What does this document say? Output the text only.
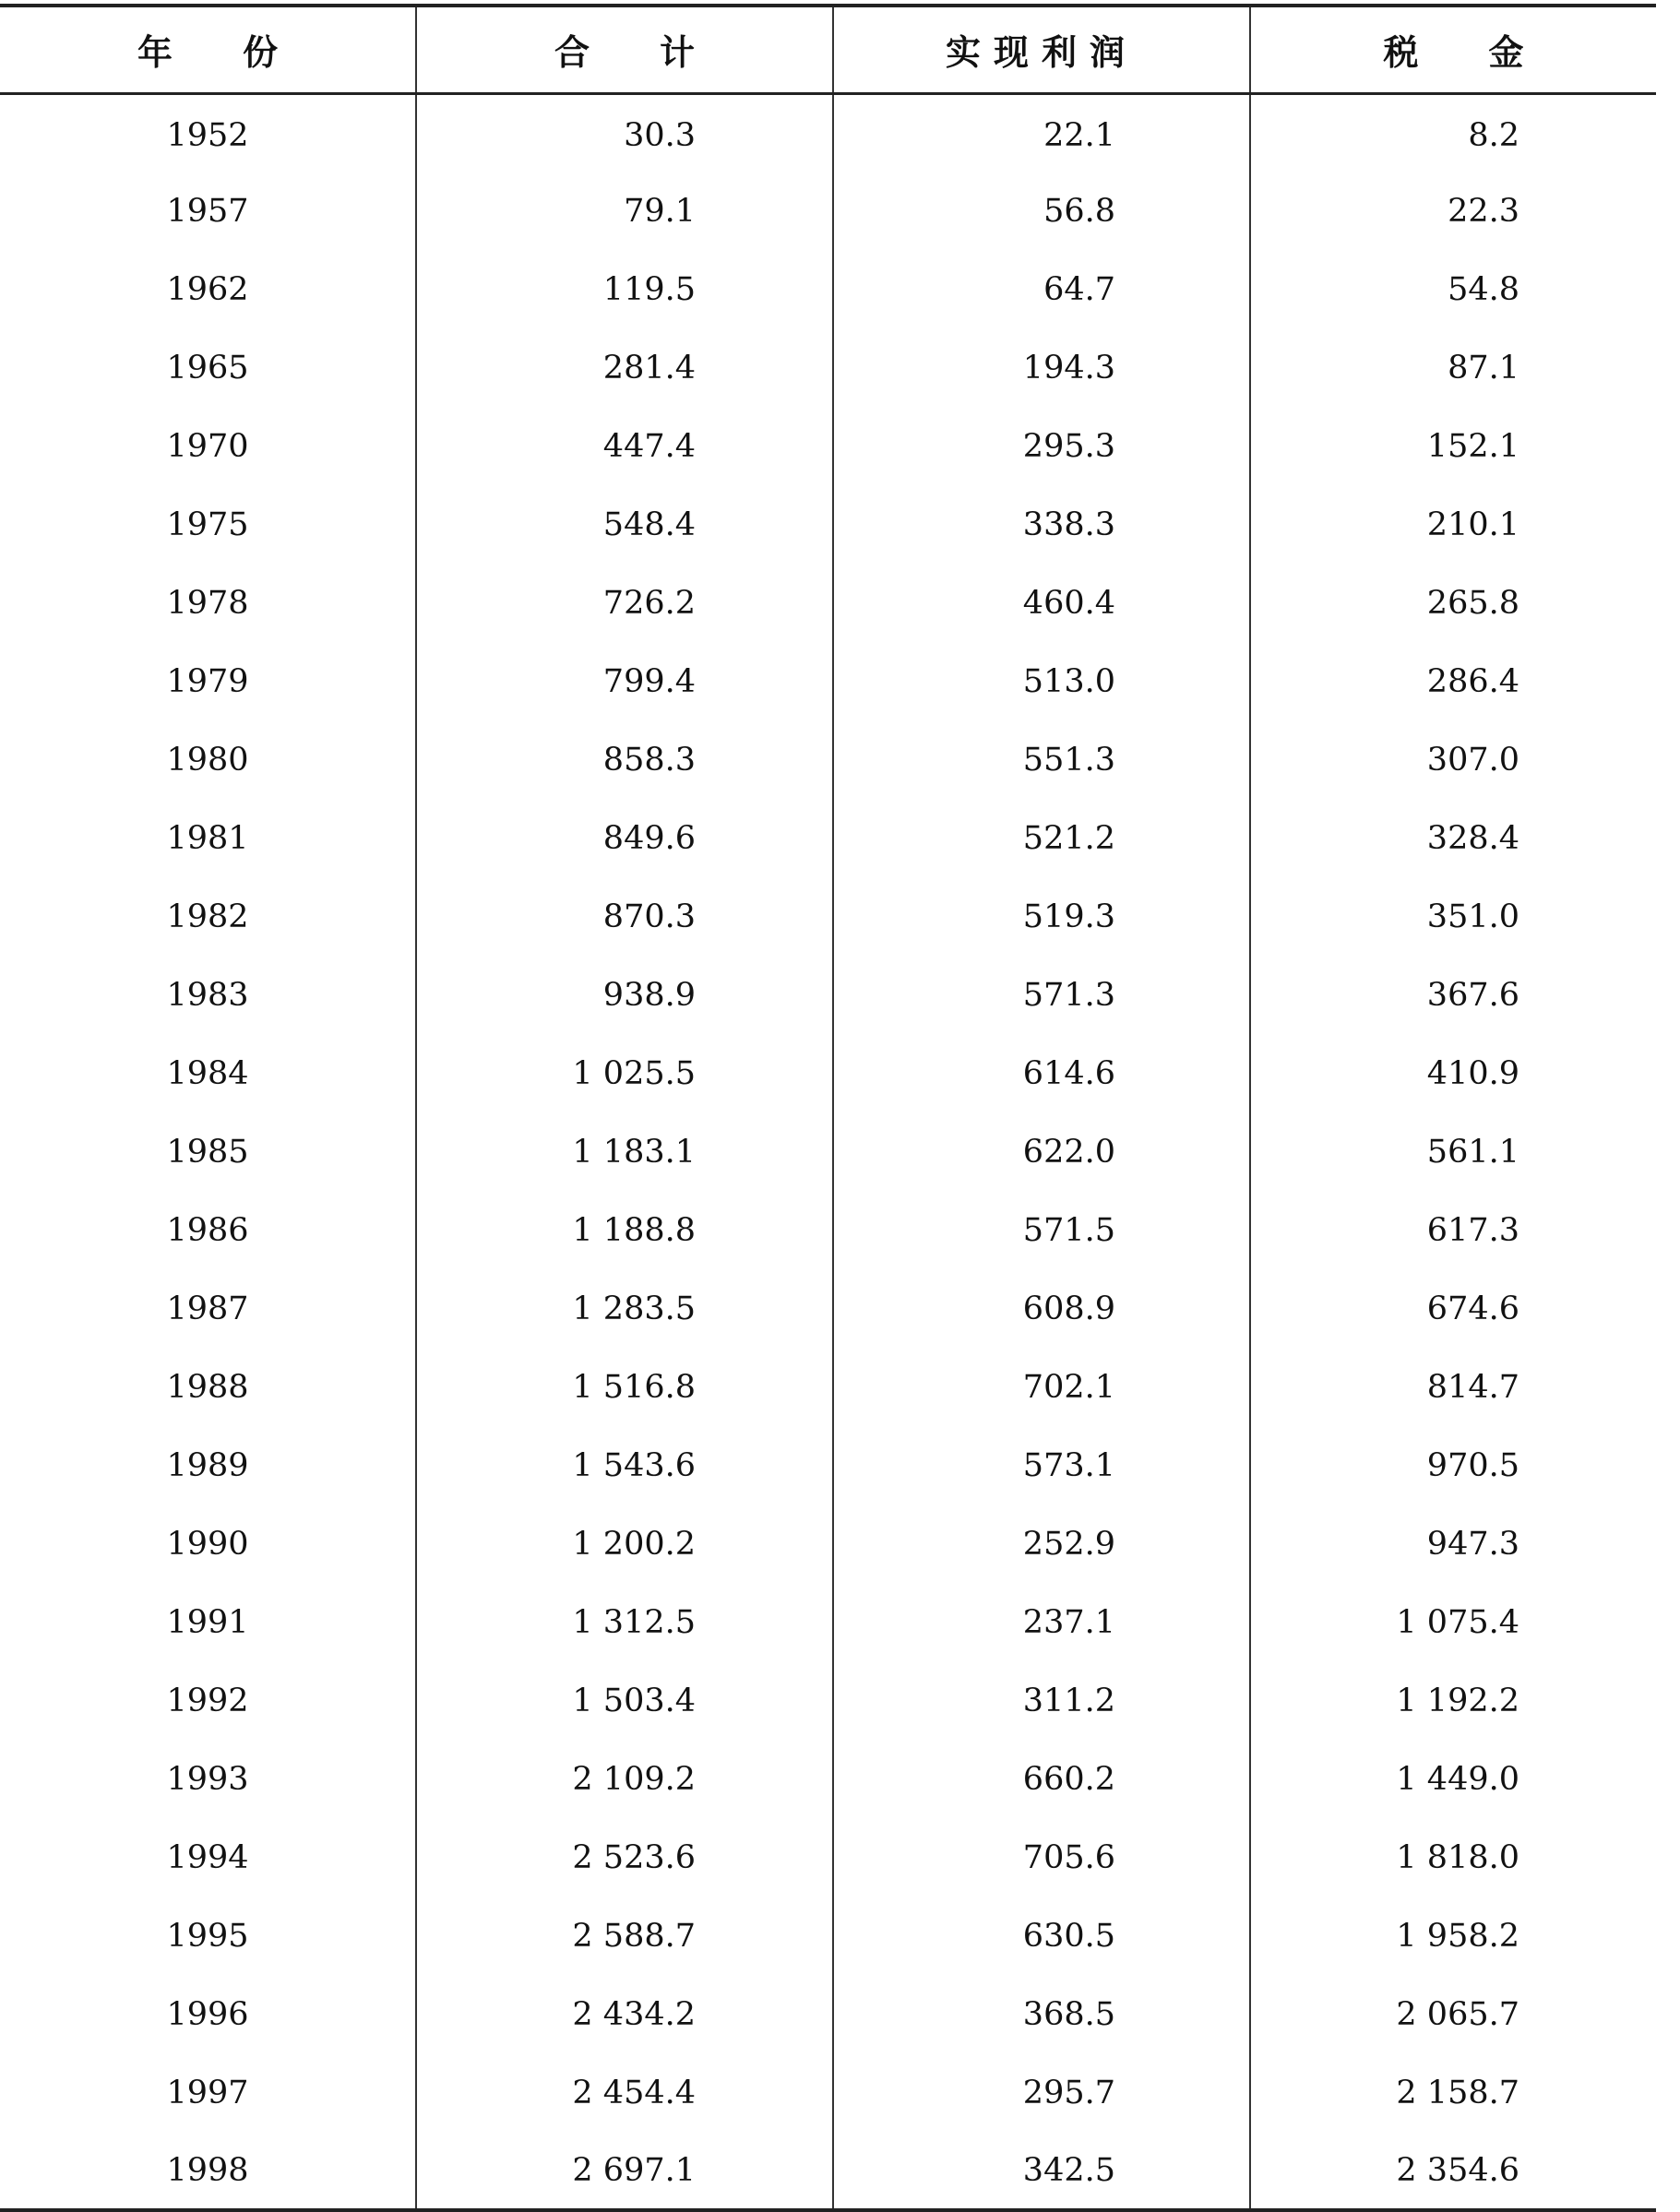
年　　份	合　　计	实现利润	税　　金
1952	30.3	22.1	8.2
1957	79.1	56.8	22.3
1962	119.5	64.7	54.8
1965	281.4	194.3	87.1
1970	447.4	295.3	152.1
1975	548.4	338.3	210.1
1978	726.2	460.4	265.8
1979	799.4	513.0	286.4
1980	858.3	551.3	307.0
1981	849.6	521.2	328.4
1982	870.3	519.3	351.0
1983	938.9	571.3	367.6
1984	1 025.5	614.6	410.9
1985	1 183.1	622.0	561.1
1986	1 188.8	571.5	617.3
1987	1 283.5	608.9	674.6
1988	1 516.8	702.1	814.7
1989	1 543.6	573.1	970.5
1990	1 200.2	252.9	947.3
1991	1 312.5	237.1	1 075.4
1992	1 503.4	311.2	1 192.2
1993	2 109.2	660.2	1 449.0
1994	2 523.6	705.6	1 818.0
1995	2 588.7	630.5	1 958.2
1996	2 434.2	368.5	2 065.7
1997	2 454.4	295.7	2 158.7
1998	2 697.1	342.5	2 354.6
